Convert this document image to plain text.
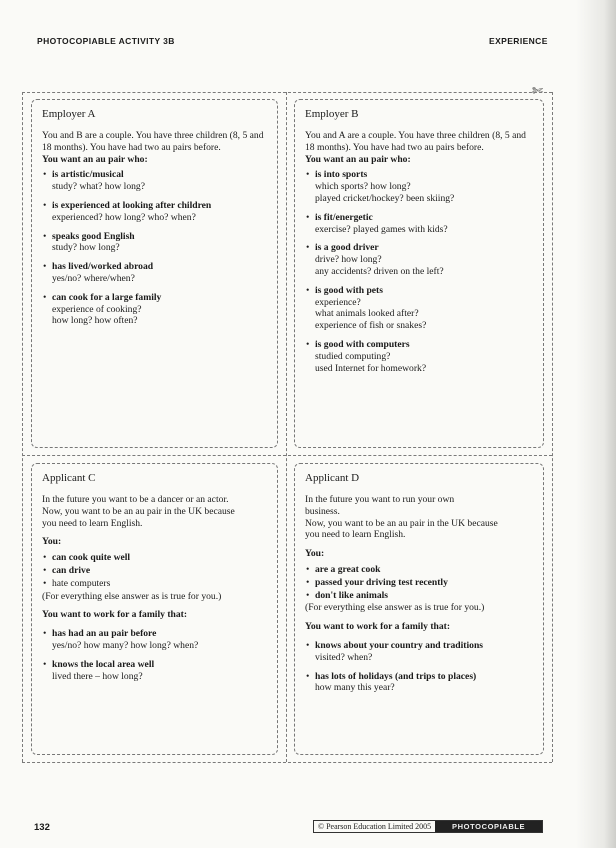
PHOTOCOPIABLE ACTIVITY 3B	EXPERIENCE
✄
Employer A

You and B are a couple. You have three children (8, 5 and 18 months). You have had two au pairs before.

You want an au pair who:

• is artistic/musical
study? what? how long?
• is experienced at looking after children
experienced? how long? who? when?
• speaks good English
study? how long?
• has lived/worked abroad
yes/no? where/when?
• can cook for a large family
experience of cooking?
how long? how often?
Employer B

You and A are a couple. You have three children (8, 5 and 18 months). You have had two au pairs before.

You want an au pair who:

• is into sports
which sports? how long?
played cricket/hockey? been skiing?
• is fit/energetic
exercise? played games with kids?
• is a good driver
drive? how long?
any accidents? driven on the left?
• is good with pets
experience?
what animals looked after?
experience of fish or snakes?
• is good with computers
studied computing?
used Internet for homework?
Applicant C

In the future you want to be a dancer or an actor.

Now, you want to be an au pair in the UK because you need to learn English.

You:

• can cook quite well
• can drive
• hate computers

(For everything else answer as is true for you.)

You want to work for a family that:

• has had an au pair before
yes/no? how many? how long? when?
• knows the local area well
lived there – how long?
Applicant D

In the future you want to run your own business.

Now, you want to be an au pair in the UK because you need to learn English.

You:

• are a great cook
• passed your driving test recently
• don't like animals

(For everything else answer as is true for you.)

You want to work for a family that:

• knows about your country and traditions
visited? when?
• has lots of holidays (and trips to places)
how many this year?
132	© Pearson Education Limited 2005	PHOTOCOPIABLE
